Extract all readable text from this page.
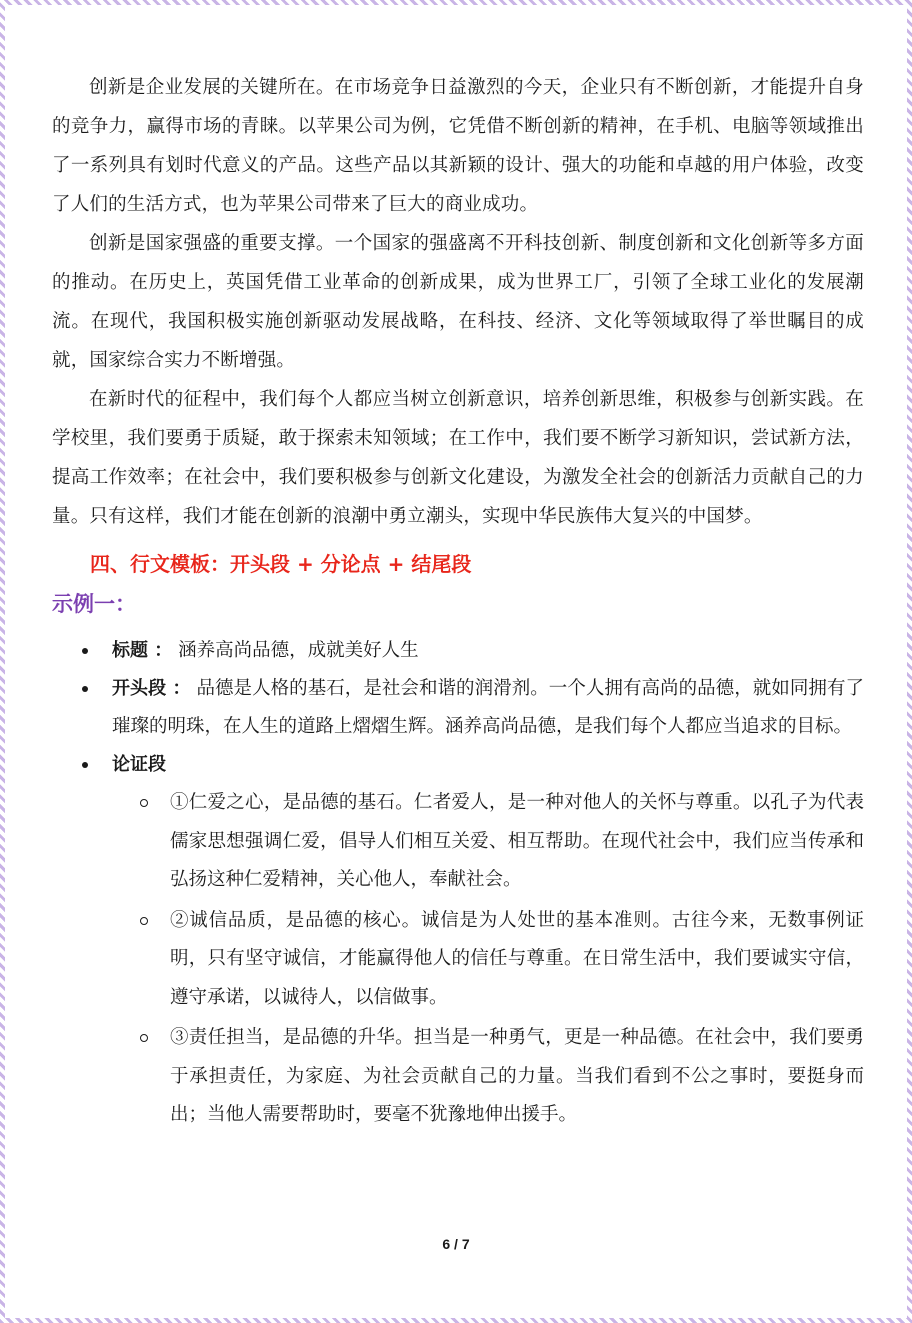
创新是企业发展的关键所在。在市场竞争日益激烈的今天，企业只有不断创新，才能提升自身的竞争力，赢得市场的青睐。以苹果公司为例，它凭借不断创新的精神，在手机、电脑等领域推出了一系列具有划时代意义的产品。这些产品以其新颖的设计、强大的功能和卓越的用户体验，改变了人们的生活方式，也为苹果公司带来了巨大的商业成功。

创新是国家强盛的重要支撑。一个国家的强盛离不开科技创新、制度创新和文化创新等多方面的推动。在历史上，英国凭借工业革命的创新成果，成为世界工厂，引领了全球工业化的发展潮流。在现代，我国积极实施创新驱动发展战略，在科技、经济、文化等领域取得了举世瞩目的成就，国家综合实力不断增强。

在新时代的征程中，我们每个人都应当树立创新意识，培养创新思维，积极参与创新实践。在学校里，我们要勇于质疑，敢于探索未知领域；在工作中，我们要不断学习新知识，尝试新方法，提高工作效率；在社会中，我们要积极参与创新文化建设，为激发全社会的创新活力贡献自己的力量。只有这样，我们才能在创新的浪潮中勇立潮头，实现中华民族伟大复兴的中国梦。

四、行文模板：开头段 + 分论点 + 结尾段
示例一：
标题 ： 涵养高尚品德，成就美好人生
开头段 ： 品德是人格的基石，是社会和谐的润滑剂。一个人拥有高尚的品德，就如同拥有了璀璨的明珠，在人生的道路上熠熠生辉。涵养高尚品德，是我们每个人都应当追求的目标。
论证段
①仁爱之心，是品德的基石。仁者爱人，是一种对他人的关怀与尊重。以孔子为代表儒家思想强调仁爱，倡导人们相互关爱、相互帮助。在现代社会中，我们应当传承和弘扬这种仁爱精神，关心他人，奉献社会。
②诚信品质，是品德的核心。诚信是为人处世的基本准则。古往今来，无数事例证明，只有坚守诚信，才能赢得他人的信任与尊重。在日常生活中，我们要诚实守信，遵守承诺，以诚待人，以信做事。
③责任担当，是品德的升华。担当是一种勇气，更是一种品德。在社会中，我们要勇于承担责任，为家庭、为社会贡献自己的力量。当我们看到不公之事时，要挺身而出；当他人需要帮助时，要毫不犹豫地伸出援手。
6 / 7
